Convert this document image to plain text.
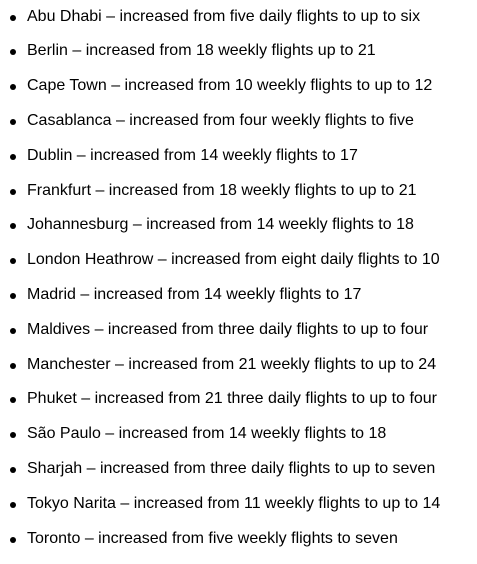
Abu Dhabi – increased from five daily flights to up to six
Berlin – increased from 18 weekly flights up to 21
Cape Town – increased from 10 weekly flights to up to 12
Casablanca – increased from four weekly flights to five
Dublin – increased from 14 weekly flights to 17
Frankfurt – increased from 18 weekly flights to up to 21
Johannesburg – increased from 14 weekly flights to 18
London Heathrow – increased from eight daily flights to 10
Madrid – increased from 14 weekly flights to 17
Maldives – increased from three daily flights to up to four
Manchester – increased from 21 weekly flights to up to 24
Phuket – increased from 21 three daily flights to up to four
São Paulo – increased from 14 weekly flights to 18
Sharjah – increased from three daily flights to up to seven
Tokyo Narita – increased from 11 weekly flights to up to 14
Toronto – increased from five weekly flights to seven
